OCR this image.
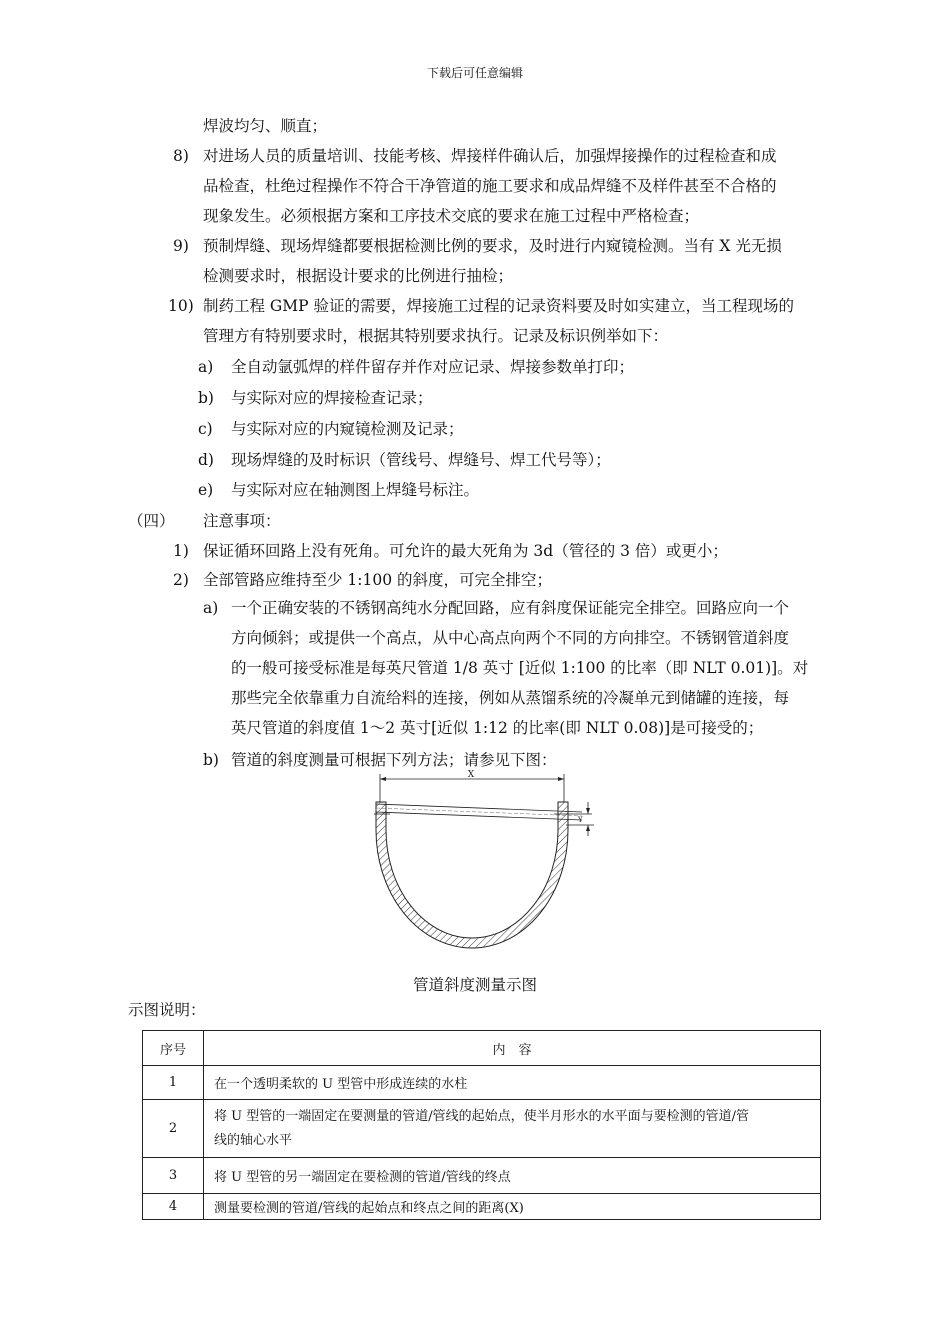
下载后可任意编辑
焊波均匀、顺直；
8) 对进场人员的质量培训、技能考核、焊接样件确认后，加强焊接操作的过程检查和成
品检查，杜绝过程操作不符合干净管道的施工要求和成品焊缝不及样件甚至不合格的
现象发生。必须根据方案和工序技术交底的要求在施工过程中严格检查；
9) 预制焊缝、现场焊缝都要根据检测比例的要求，及时进行内窥镜检测。当有 X 光无损
检测要求时，根据设计要求的比例进行抽检；
10) 制药工程 GMP 验证的需要，焊接施工过程的记录资料要及时如实建立，当工程现场的
管理方有特别要求时，根据其特别要求执行。记录及标识例举如下：
a) 全自动氩弧焊的样件留存并作对应记录、焊接参数单打印；
b) 与实际对应的焊接检查记录；
c) 与实际对应的内窥镜检测及记录；
d) 现场焊缝的及时标识（管线号、焊缝号、焊工代号等）；
e) 与实际对应在轴测图上焊缝号标注。
（四） 注意事项：
1) 保证循环回路上没有死角。可允许的最大死角为 3d（管径的 3 倍）或更小；
2) 全部管路应维持至少 1:100 的斜度，可完全排空；
a) 一个正确安装的不锈钢高纯水分配回路，应有斜度保证能完全排空。回路应向一个
方向倾斜；或提供一个高点，从中心高点向两个不同的方向排空。不锈钢管道斜度
的一般可接受标准是每英尺管道 1/8 英寸 [近似 1:100 的比率（即 NLT 0.01)]。对
那些完全依靠重力自流给料的连接，例如从蒸馏系统的冷凝单元到储罐的连接，每
英尺管道的斜度值 1～2 英寸[近似 1:12 的比率(即 NLT 0.08)]是可接受的；
b) 管道的斜度测量可根据下列方法；请参见下图：
X
Y
管道斜度测量示图
示图说明：
序号	内　容
1	在一个透明柔软的 U 型管中形成连续的水柱
2	将 U 型管的一端固定在要测量的管道/管线的起始点，使半月形水的水平面与要检测的管道/管
线的轴心水平
3	将 U 型管的另一端固定在要检测的管道/管线的终点
4	测量要检测的管道/管线的起始点和终点之间的距离(X)
